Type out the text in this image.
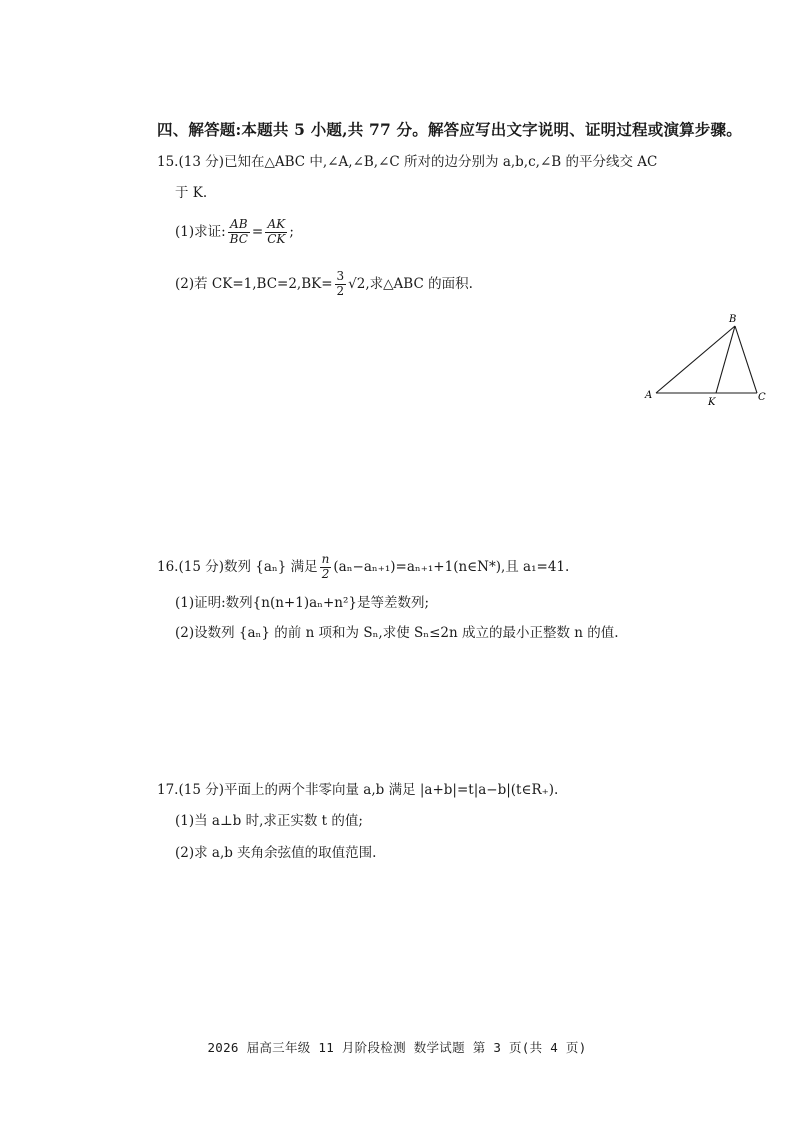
四、解答题:本题共 5 小题,共 77 分。解答应写出文字说明、证明过程或演算步骤。
15.(13 分)已知在△ABC 中,∠A,∠B,∠C 所对的边分别为 a,b,c,∠B 的平分线交 AC
于 K.
(1)求证: $\frac{AB}{BC} = \frac{AK}{CK}$ ;
(2)若 $CK=1,BC=2,BK= \frac{3}{2} √2$ ,求△ABC 的面积.
A
B
K	C
16. (15 分) 数列 {aₙ} 满足 $\frac{n}{2}$ (aₙ−aₙ₊₁)=aₙ₊₁+1(n∈N*),且 a₁=41.
(1)证明:数列{n(n+1)aₙ+n²}是等差数列;
(2)设数列 {aₙ} 的前 n 项和为 Sₙ,求使 Sₙ≤2n 成立的最小正整数 n 的值.
17.(15 分)平面上的两个非零向量 a,b 满足 |a+b|=t|a−b|(t∈R₊).
(1)当 a⊥b 时,求正实数 t 的值;
(2)求 a,b 夹角余弦值的取值范围.
2026 届高三年级 11 月阶段检测 数学试题 第 3 页(共 4 页)
